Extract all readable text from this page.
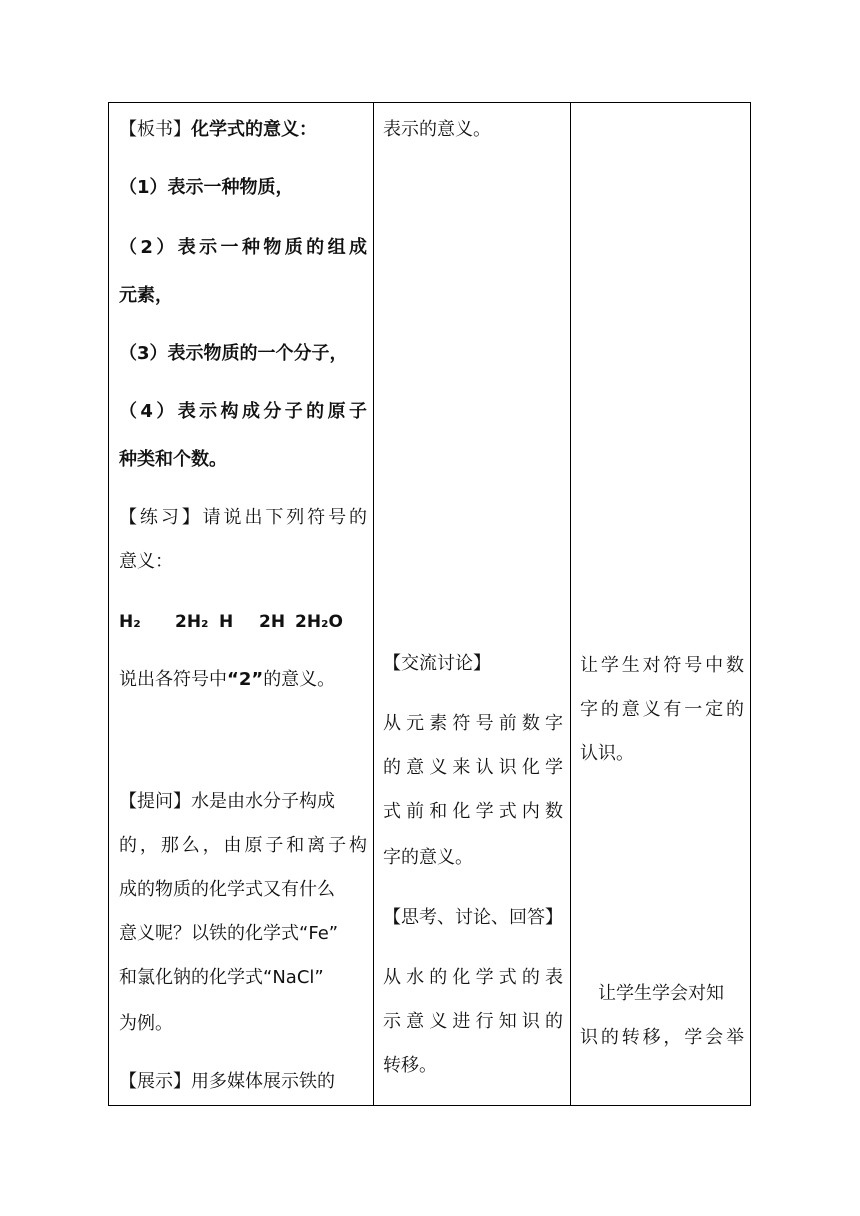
【板书】化学式的意义：
（1）表示一种物质，
（2）表示一种物质的组成
元素，
（3）表示物质的一个分子，
（4）表示构成分子的原子
种类和个数。
【练习】请说出下列符号的
意义：
H₂ 2H₂ H 2H 2H₂O
说出各符号中“2”的意义。
【提问】水是由水分子构成
的，那么，由原子和离子构
成的物质的化学式又有什么
意义呢？以铁的化学式“Fe”
和氯化钠的化学式“NaCl”
为例。
【展示】用多媒体展示铁的
表示的意义。
【交流讨论】
从元素符号前数字
的意义来认识化学
式前和化学式内数
字的意义。
【思考、讨论、回答】
从水的化学式的表
示意义进行知识的
转移。
让学生对符号中数
字的意义有一定的
认识。
让学生学会对知
识的转移，学会举
